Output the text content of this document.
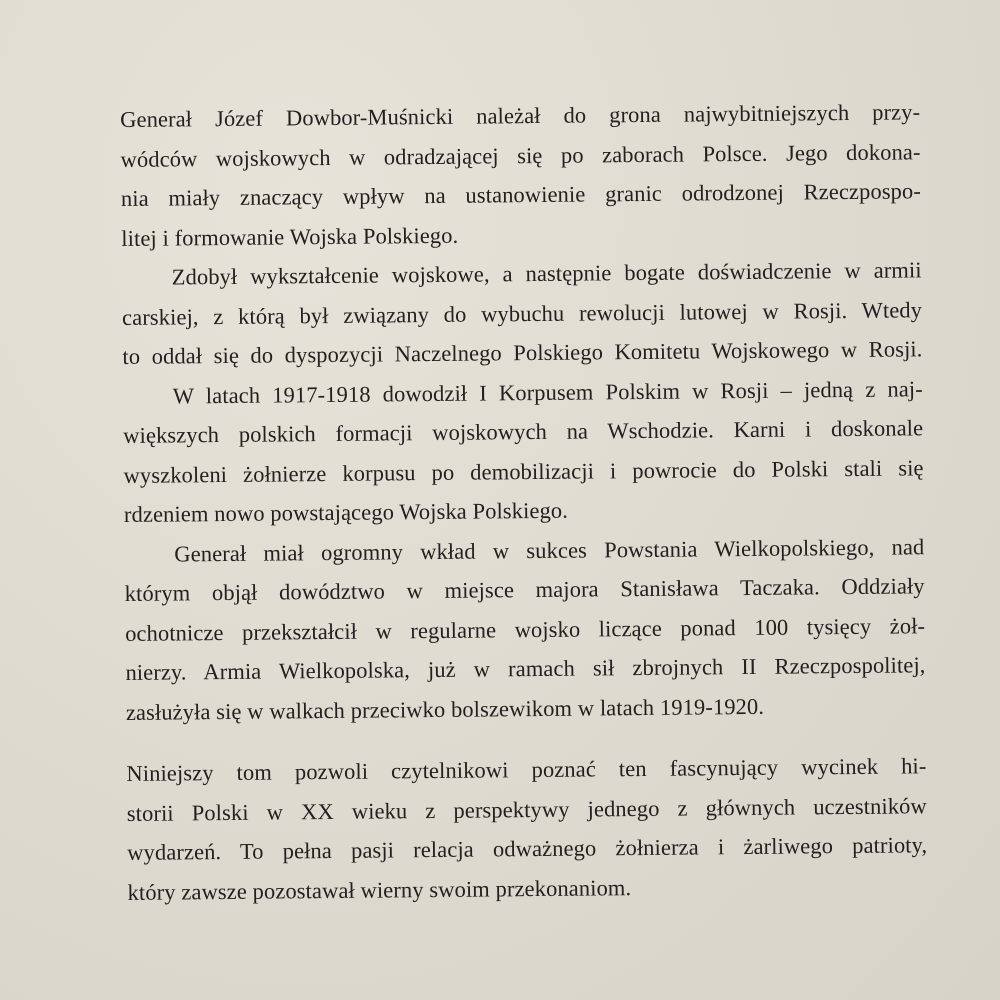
Generał Józef Dowbor-Muśnicki należał do grona najwybitniejszych przy-
wódców wojskowych w odradzającej się po zaborach Polsce. Jego dokona-
nia miały znaczący wpływ na ustanowienie granic odrodzonej Rzeczpospo-
litej i formowanie Wojska Polskiego.

Zdobył wykształcenie wojskowe, a następnie bogate doświadczenie w armii
carskiej, z którą był związany do wybuchu rewolucji lutowej w Rosji. Wtedy
to oddał się do dyspozycji Naczelnego Polskiego Komitetu Wojskowego w Rosji.

W latach 1917-1918 dowodził I Korpusem Polskim w Rosji – jedną z naj-
większych polskich formacji wojskowych na Wschodzie. Karni i doskonale
wyszkoleni żołnierze korpusu po demobilizacji i powrocie do Polski stali się
rdzeniem nowo powstającego Wojska Polskiego.

Generał miał ogromny wkład w sukces Powstania Wielkopolskiego, nad
którym objął dowództwo w miejsce majora Stanisława Taczaka. Oddziały
ochotnicze przekształcił w regularne wojsko liczące ponad 100 tysięcy żoł-
nierzy. Armia Wielkopolska, już w ramach sił zbrojnych II Rzeczpospolitej,
zasłużyła się w walkach przeciwko bolszewikom w latach 1919-1920.

Niniejszy tom pozwoli czytelnikowi poznać ten fascynujący wycinek hi-
storii Polski w XX wieku z perspektywy jednego z głównych uczestników
wydarzeń. To pełna pasji relacja odważnego żołnierza i żarliwego patrioty,
który zawsze pozostawał wierny swoim przekonaniom.
